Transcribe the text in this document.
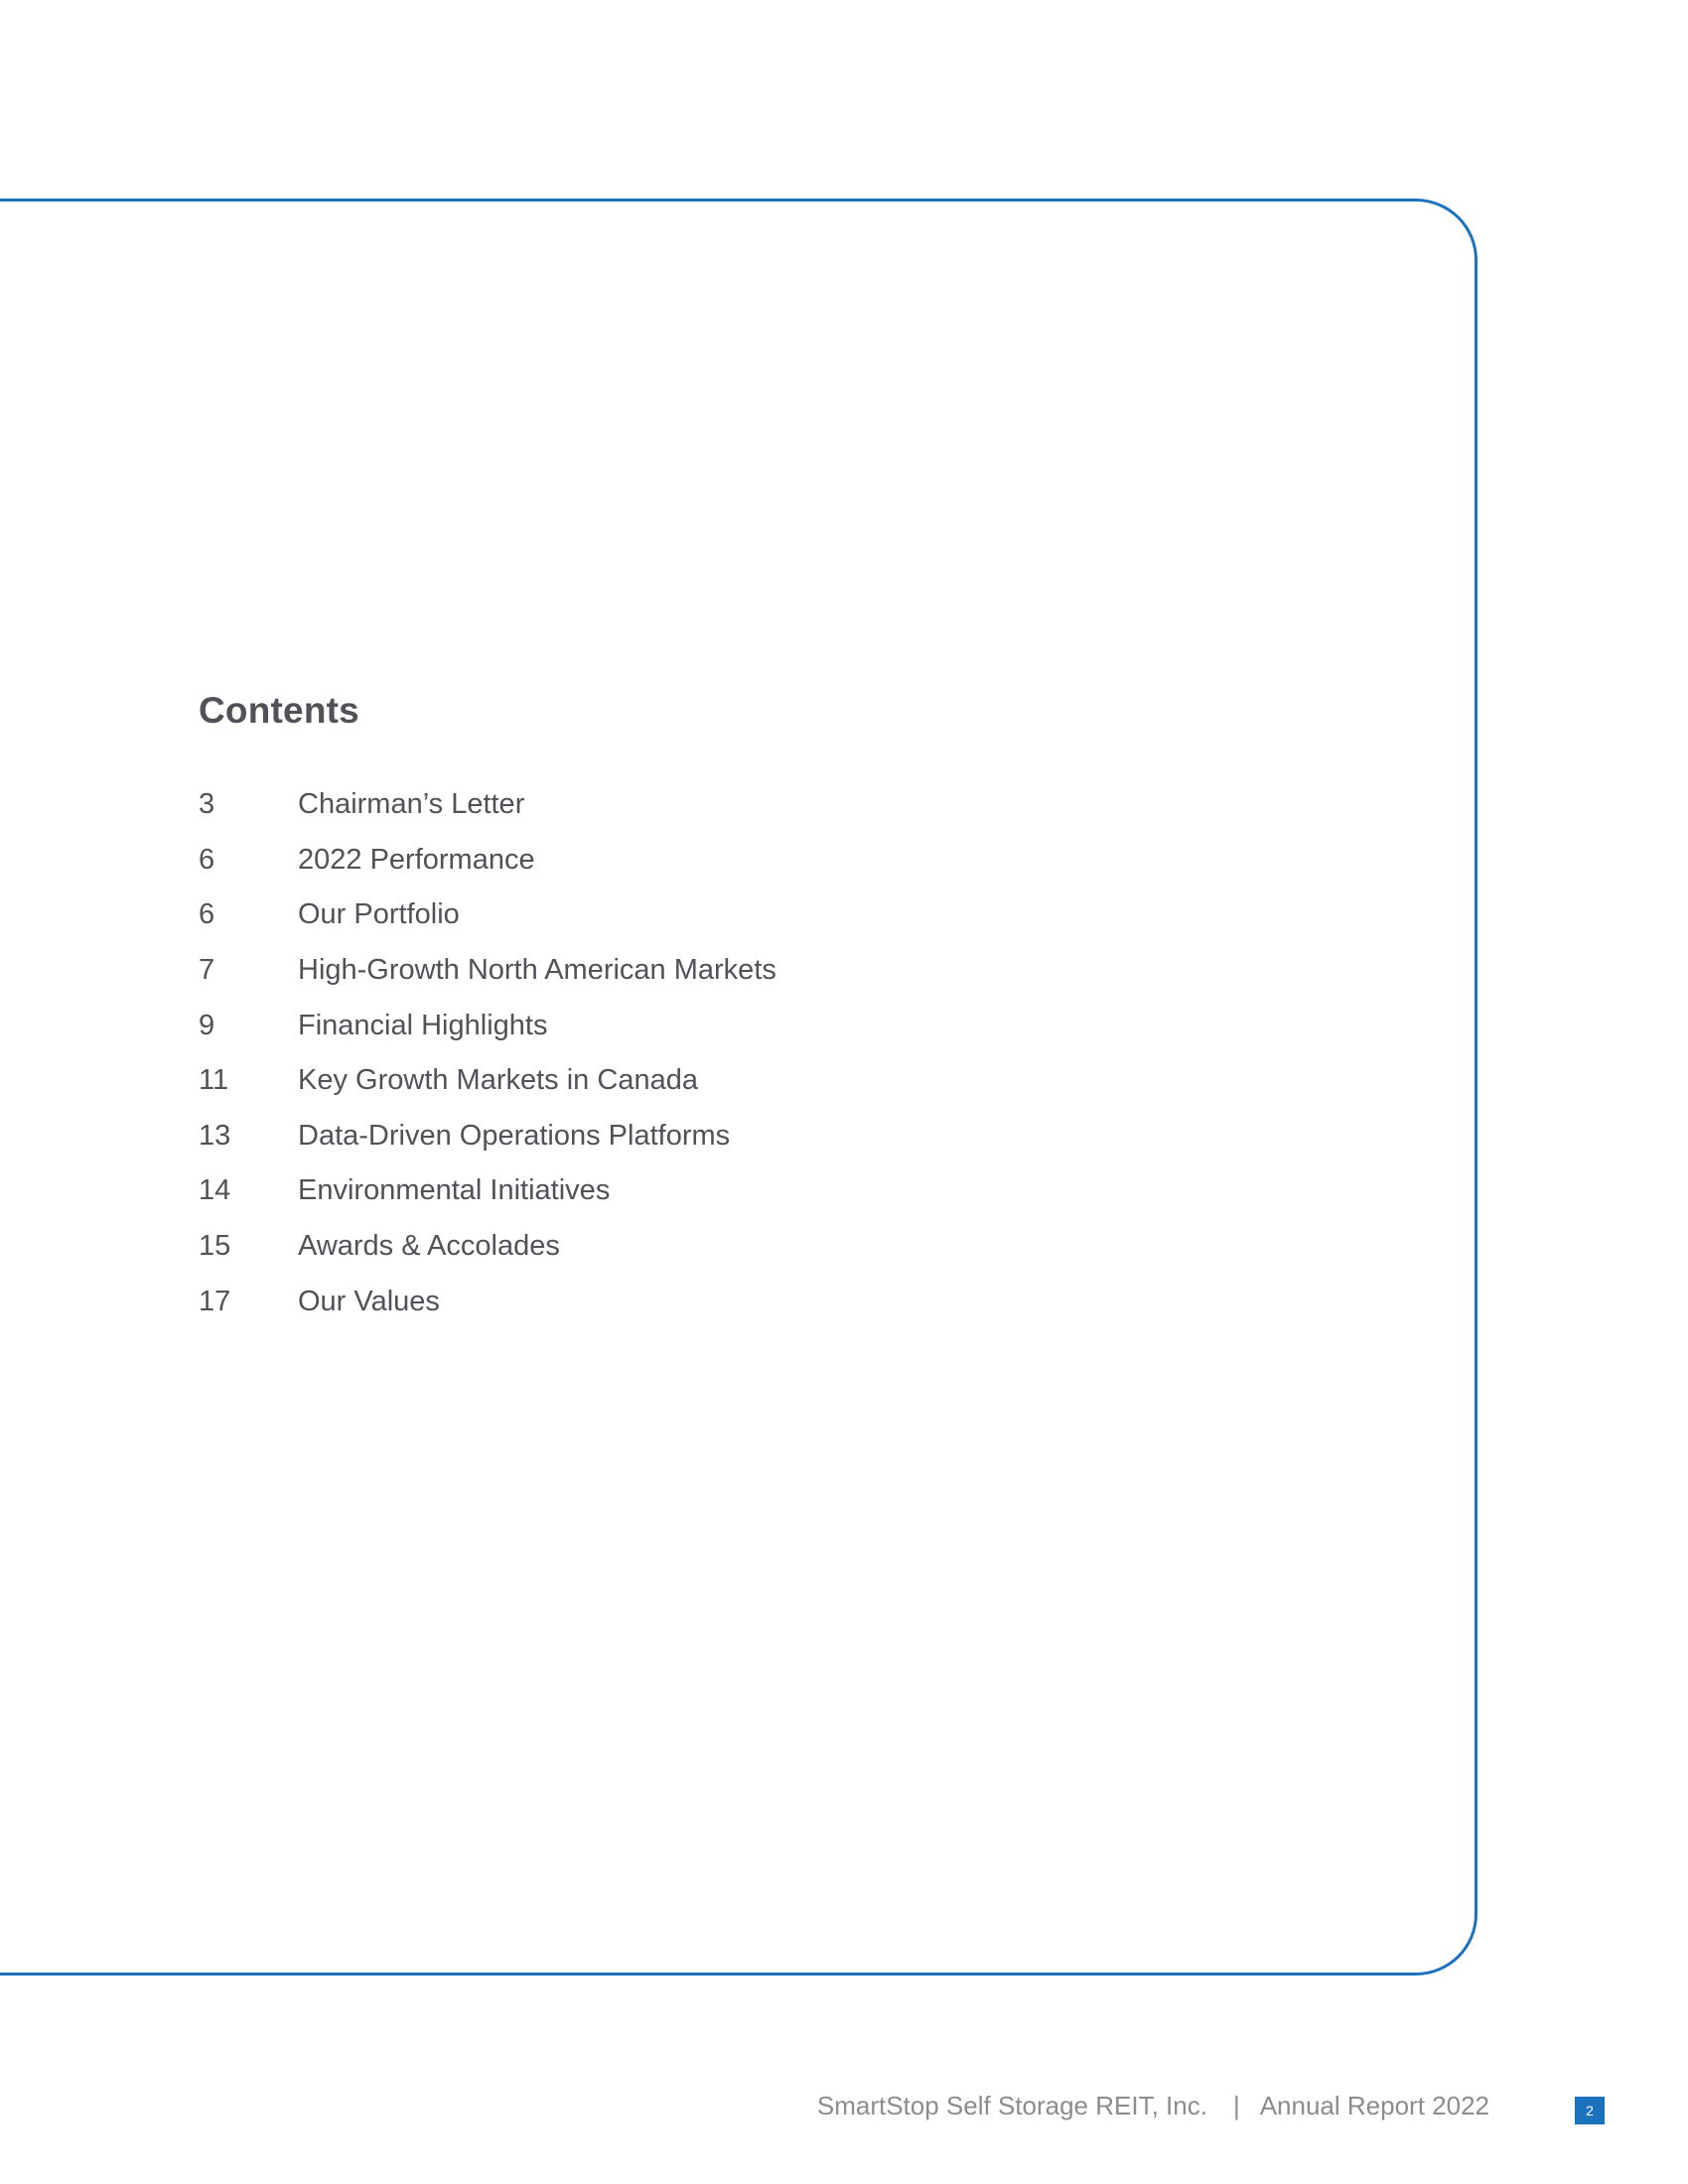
Contents
3	Chairman’s Letter
6	2022 Performance
6	Our Portfolio
7	High-Growth North American Markets
9	Financial Highlights
11	Key Growth Markets in Canada
13	Data-Driven Operations Platforms
14	Environmental Initiatives
15	Awards & Accolades
17	Our Values
SmartStop Self Storage REIT, Inc. | Annual Report 2022	2
